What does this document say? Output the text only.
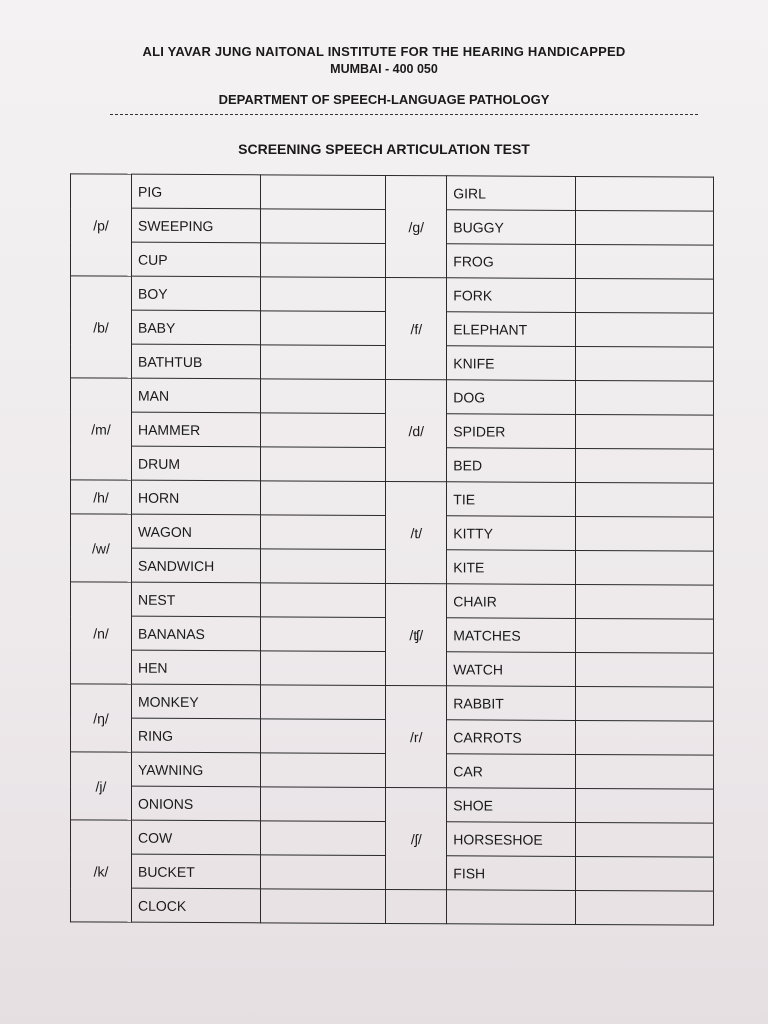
ALI YAVAR JUNG NAITONAL INSTITUTE FOR THE HEARING HANDICAPPED
MUMBAI - 400 050
DEPARTMENT OF SPEECH-LANGUAGE PATHOLOGY
SCREENING SPEECH ARTICULATION TEST
/p/	PIG		/g/	GIRL	
	SWEEPING			BUGGY	
	CUP			FROG	
/b/	BOY		/f/	FORK	
	BABY			ELEPHANT	
	BATHTUB			KNIFE	
/m/	MAN		/d/	DOG	
	HAMMER			SPIDER	
	DRUM			BED	
/h/	HORN		/t/	TIE	
/w/	WAGON			KITTY	
	SANDWICH			KITE	
/n/	NEST		/ʧ/	CHAIR	
	BANANAS			MATCHES	
	HEN			WATCH	
/ŋ/	MONKEY		/r/	RABBIT	
	RING			CARROTS	
/j/	YAWNING			CAR	
	ONIONS		/ʃ/	SHOE	
/k/	COW			HORSESHOE	
	BUCKET			FISH	
	CLOCK				
